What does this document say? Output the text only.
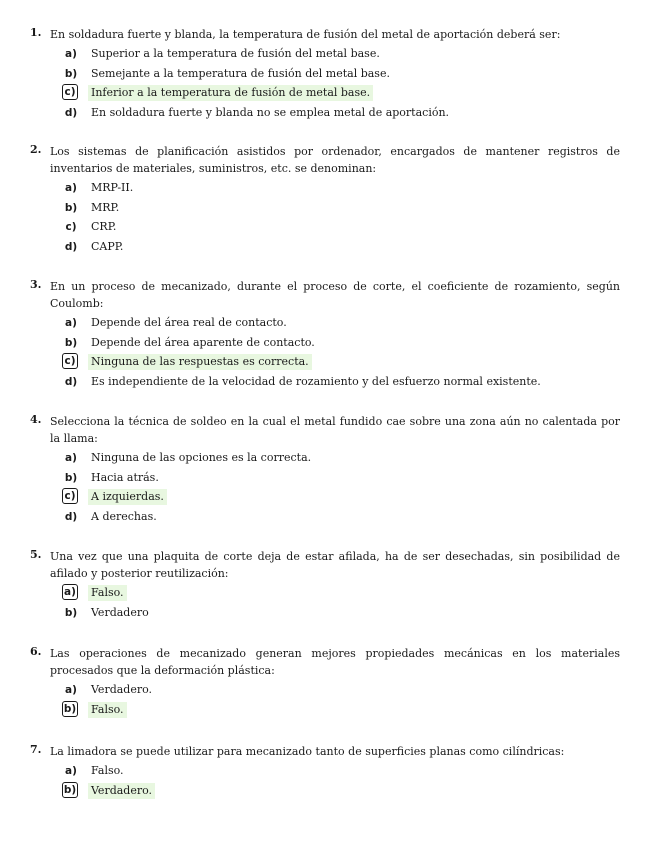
1. En soldadura fuerte y blanda, la temperatura de fusión del metal de aportación deberá ser:
a) Superior a la temperatura de fusión del metal base.
b) Semejante a la temperatura de fusión del metal base.
c) Inferior a la temperatura de fusión de metal base.
d) En soldadura fuerte y blanda no se emplea metal de aportación.
2. Los sistemas de planificación asistidos por ordenador, encargados de mantener registros de inventarios de materiales, suministros, etc. se denominan:
a) MRP-II.
b) MRP.
c) CRP.
d) CAPP.
3. En un proceso de mecanizado, durante el proceso de corte, el coeficiente de rozamiento, según Coulomb:
a) Depende del área real de contacto.
b) Depende del área aparente de contacto.
c) Ninguna de las respuestas es correcta.
d) Es independiente de la velocidad de rozamiento y del esfuerzo normal existente.
4. Selecciona la técnica de soldeo en la cual el metal fundido cae sobre una zona aún no calentada por la llama:
a) Ninguna de las opciones es la correcta.
b) Hacia atrás.
c) A izquierdas.
d) A derechas.
5. Una vez que una plaquita de corte deja de estar afilada, ha de ser desechadas, sin posibilidad de afilado y posterior reutilización:
a) Falso.
b) Verdadero
6. Las operaciones de mecanizado generan mejores propiedades mecánicas en los materiales procesados que la deformación plástica:
a) Verdadero.
b) Falso.
7. La limadora se puede utilizar para mecanizado tanto de superficies planas como cilíndricas:
a) Falso.
b) Verdadero.
